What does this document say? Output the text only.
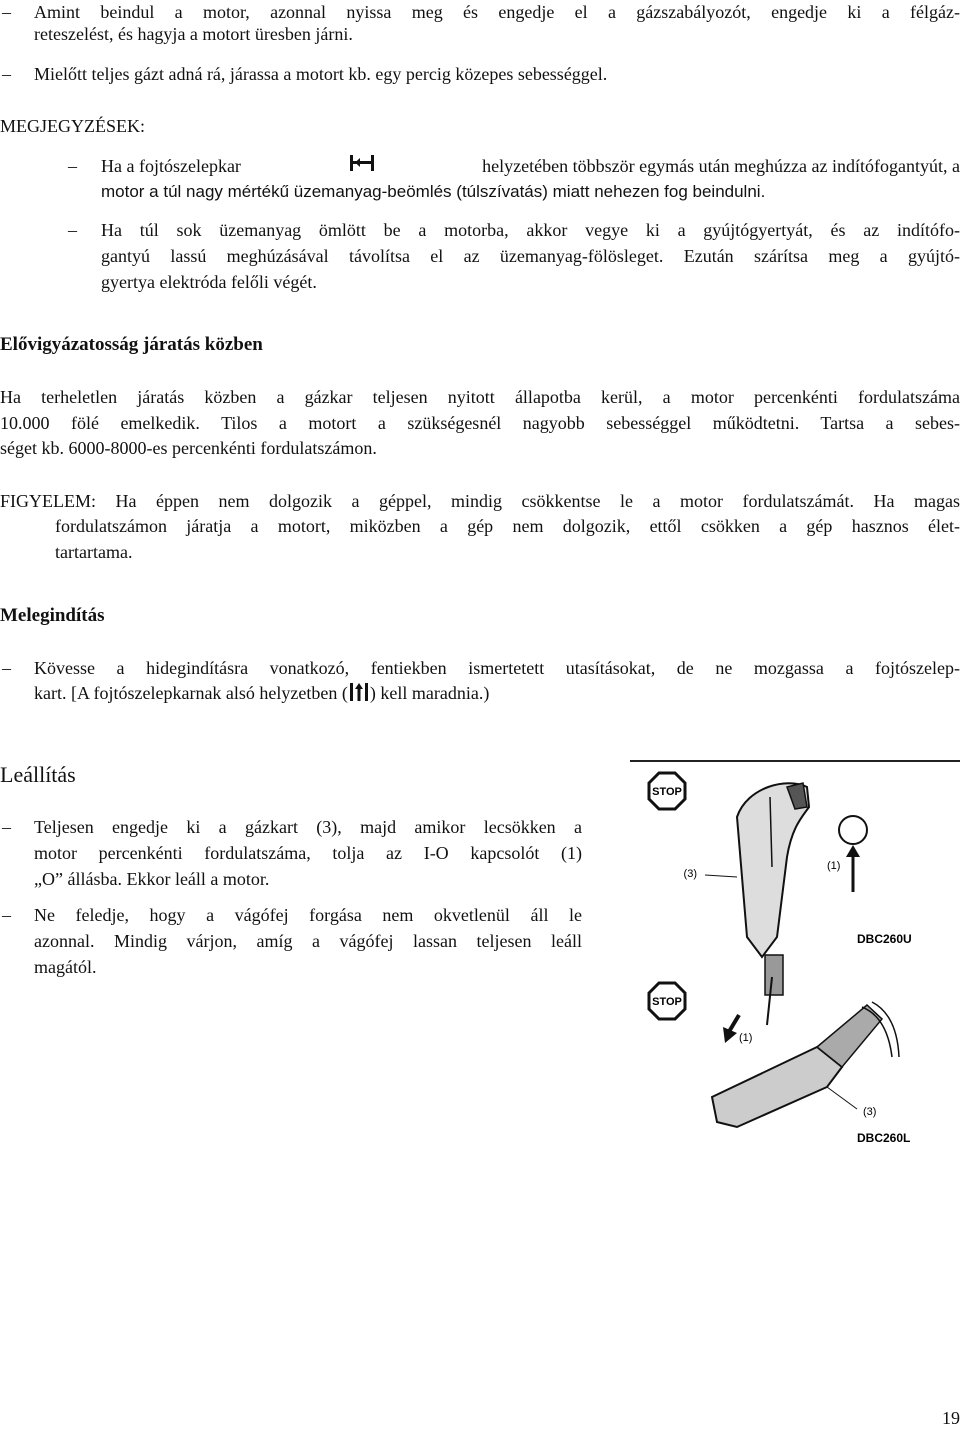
– Amint beindul a motor, azonnal nyissa meg és engedje el a gázszabályozót, engedje ki a félgáz-
reteszelést, és hagyja a motort üresben járni.
– Mielőtt teljes gázt adná rá, járassa a motort kb. egy percig közepes sebességgel.
MEGJEGYZÉSEK:
– Ha a fojtószelepkar	helyzetében többször egymás után meghúzza az indítófogantyút, a
motor a túl nagy mértékű üzemanyag-beömlés (túlszívatás) miatt nehezen fog beindulni.
– Ha túl sok üzemanyag ömlött be a motorba, akkor vegye ki a gyújtógyertyát, és az indítófo-
gantyú lassú meghúzásával távolítsa el az üzemanyag-fölösleget. Ezután szárítsa meg a gyújtó-
gyertya elektróda felőli végét.
Elővigyázatosság járatás közben
Ha terheletlen járatás közben a gázkar teljesen nyitott állapotba kerül, a motor percenkénti fordulatszáma
10.000 fölé emelkedik. Tilos a motort a szükségesnél nagyobb sebességgel működtetni. Tartsa a sebes-
séget kb. 6000-8000-es percenkénti fordulatszámon.
FIGYELEM: Ha éppen nem dolgozik a géppel, mindig csökkentse le a motor fordulatszámát. Ha magas
fordulatszámon járatja a motort, miközben a gép nem dolgozik, ettől csökken a gép hasznos élet-
tartartama.
Melegindítás
– Kövesse a hidegindításra vonatkozó, fentiekben ismertetett utasításokat, de ne mozgassa a fojtószelep-
kart. [A fojtószelepkarnak alsó helyzetben ( ) kell maradnia.)
Leállítás
– Teljesen engedje ki a gázkart (3), majd amikor lecsökken a
motor percenkénti fordulatszáma, tolja az I-O kapcsolót (1)
„O” állásba. Ekkor leáll a motor.
– Ne feledje, hogy a vágófej forgása nem okvetlenül áll le
azonnal. Mindig várjon, amíg a vágófej lassan teljesen leáll
magától.
STOP
(3)
(1)
DBC260U
STOP
(1)
(3)
DBC260L
19
